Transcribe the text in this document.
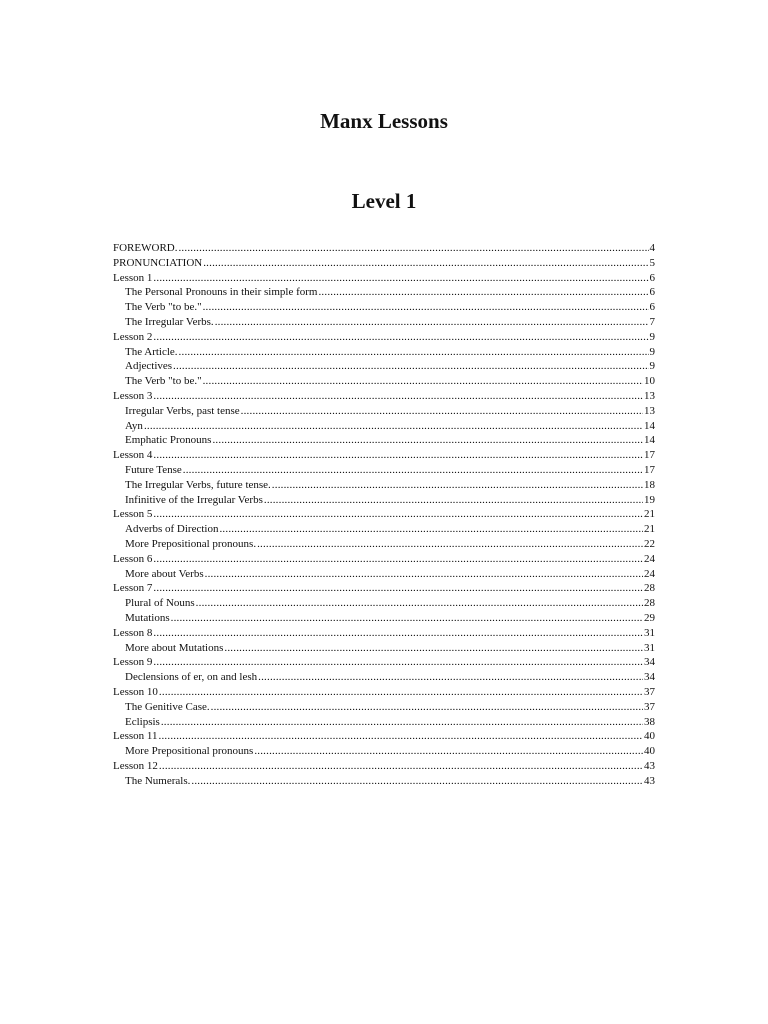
Manx Lessons
Level 1
FOREWORD. .....	4
PRONUNCIATION .....	5
Lesson 1 .....	6
The Personal Pronouns in their simple form .....	6
The Verb "to be." .....	6
The Irregular Verbs. .....	7
Lesson 2 .....	9
The Article. .....	9
Adjectives .....	9
The Verb "to be." .....	10
Lesson 3 .....	13
Irregular Verbs, past tense .....	13
Ayn .....	14
Emphatic Pronouns .....	14
Lesson 4 .....	17
Future Tense .....	17
The Irregular Verbs, future tense. .....	18
Infinitive of the Irregular Verbs .....	19
Lesson 5 .....	21
Adverbs of Direction .....	21
More Prepositional pronouns. .....	22
Lesson 6 .....	24
More about Verbs .....	24
Lesson 7 .....	28
Plural of Nouns .....	28
Mutations .....	29
Lesson 8 .....	31
More about Mutations .....	31
Lesson 9 .....	34
Declensions of er, on and lesh .....	34
Lesson 10 .....	37
The Genitive Case. .....	37
Eclipsis .....	38
Lesson 11 .....	40
More Prepositional pronouns .....	40
Lesson 12 .....	43
The Numerals. .....	43
